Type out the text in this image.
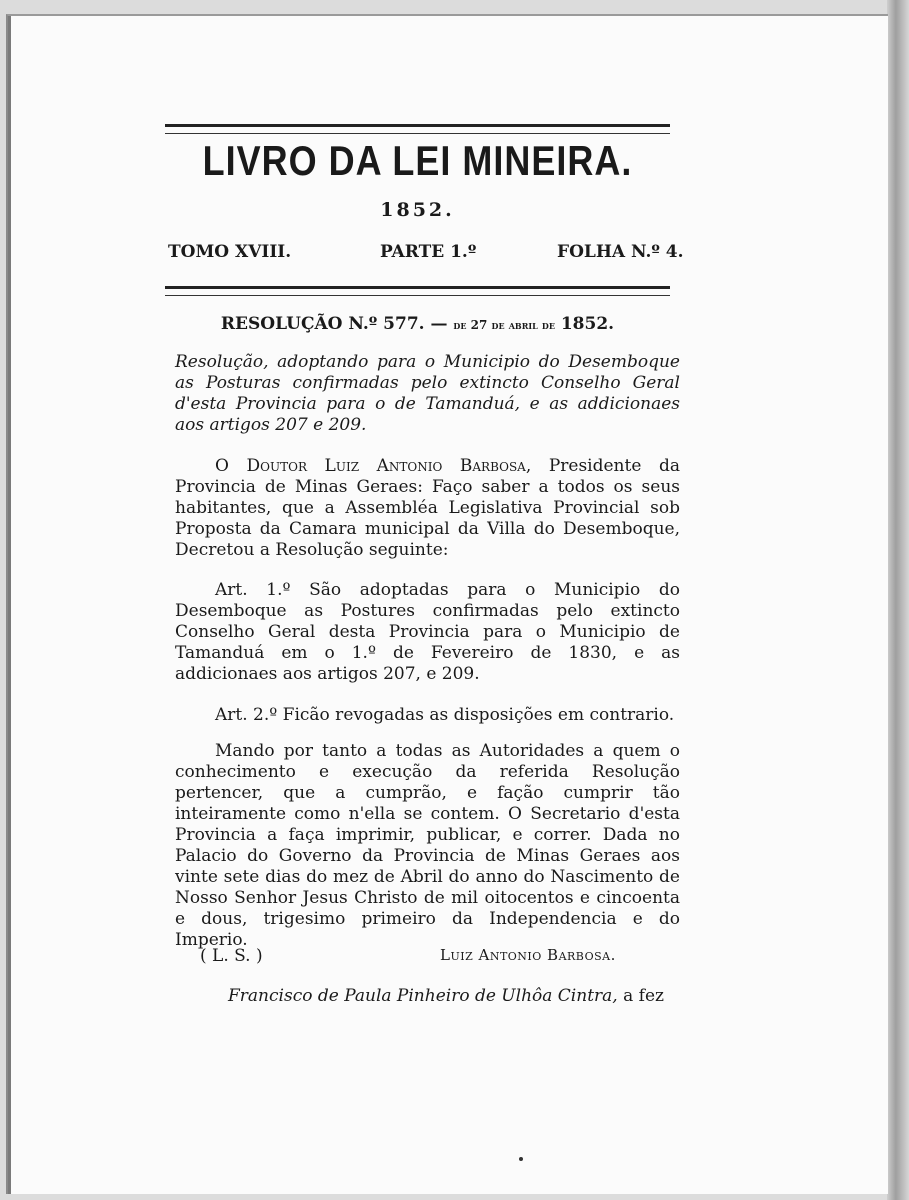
LIVRO DA LEI MINEIRA.
1852.
TOMO XVIII.	PARTE 1.º	FOLHA N.º 4.
RESOLUÇÃO N.º 577. — de 27 de abril de 1852.
Resolução, adoptando para o Municipio do Desemboque as Posturas confirmadas pelo extincto Conselho Geral d'esta Provincia para o de Tamanduá, e as addicionaes aos artigos 207 e 209.
O Doutor Luiz Antonio Barbosa, Presidente da Provincia de Minas Geraes: Faço saber a todos os seus habitantes, que a Assembléa Legislativa Provincial sob Proposta da Camara municipal da Villa do Desemboque, Decretou a Resolução seguinte:
Art. 1.º São adoptadas para o Municipio do Desemboque as Postures confirmadas pelo extincto Conselho Geral desta Provincia para o Municipio de Tamanduá em o 1.º de Fevereiro de 1830, e as addicionaes aos artigos 207, e 209.
Art. 2.º Ficão revogadas as disposições em contrario.
Mando por tanto a todas as Autoridades a quem o conhecimento e execução da referida Resolução pertencer, que a cumprão, e fação cumprir tão inteiramente como n'ella se contem. O Secretario d'esta Provincia a faça imprimir, publicar, e correr. Dada no Palacio do Governo da Provincia de Minas Geraes aos vinte sete dias do mez de Abril do anno do Nascimento de Nosso Senhor Jesus Christo de mil oitocentos e cincoenta e dous, trigesimo primeiro da Independencia e do Imperio.
( L. S. )	Luiz Antonio Barbosa.
Francisco de Paula Pinheiro de Ulhôa Cintra, a fez
